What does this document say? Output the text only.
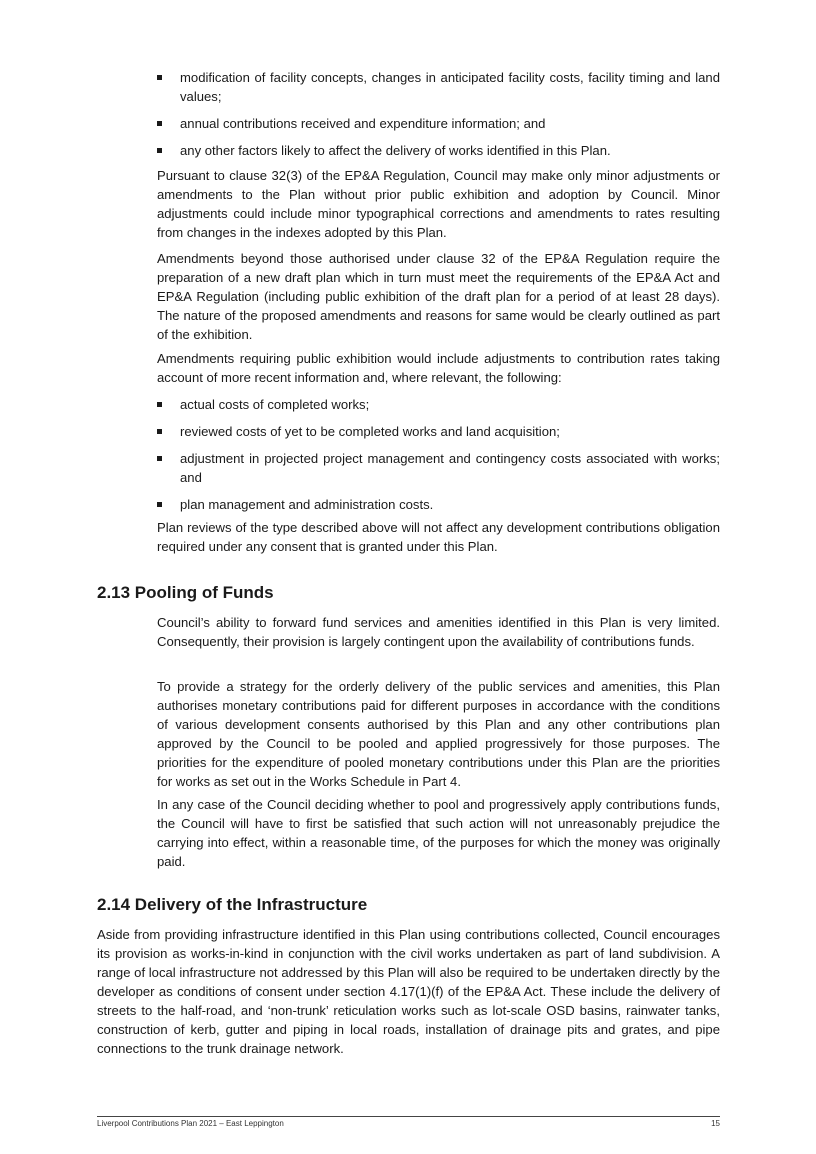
modification of facility concepts, changes in anticipated facility costs, facility timing and land values;
annual contributions received and expenditure information; and
any other factors likely to affect the delivery of works identified in this Plan.

Pursuant to clause 32(3) of the EP&A Regulation, Council may make only minor adjustments or amendments to the Plan without prior public exhibition and adoption by Council. Minor adjustments could include minor typographical corrections and amendments to rates resulting from changes in the indexes adopted by this Plan.

Amendments beyond those authorised under clause 32 of the EP&A Regulation require the preparation of a new draft plan which in turn must meet the requirements of the EP&A Act and EP&A Regulation (including public exhibition of the draft plan for a period of at least 28 days). The nature of the proposed amendments and reasons for same would be clearly outlined as part of the exhibition.

Amendments requiring public exhibition would include adjustments to contribution rates taking account of more recent information and, where relevant, the following:

actual costs of completed works;
reviewed costs of yet to be completed works and land acquisition;
adjustment in projected project management and contingency costs associated with works; and
plan management and administration costs.

Plan reviews of the type described above will not affect any development contributions obligation required under any consent that is granted under this Plan.

2.13 Pooling of Funds

Council’s ability to forward fund services and amenities identified in this Plan is very limited. Consequently, their provision is largely contingent upon the availability of contributions funds.

To provide a strategy for the orderly delivery of the public services and amenities, this Plan authorises monetary contributions paid for different purposes in accordance with the conditions of various development consents authorised by this Plan and any other contributions plan approved by the Council to be pooled and applied progressively for those purposes. The priorities for the expenditure of pooled monetary contributions under this Plan are the priorities for works as set out in the Works Schedule in Part 4.

In any case of the Council deciding whether to pool and progressively apply contributions funds, the Council will have to first be satisfied that such action will not unreasonably prejudice the carrying into effect, within a reasonable time, of the purposes for which the money was originally paid.

2.14 Delivery of the Infrastructure

Aside from providing infrastructure identified in this Plan using contributions collected, Council encourages its provision as works-in-kind in conjunction with the civil works undertaken as part of land subdivision. A range of local infrastructure not addressed by this Plan will also be required to be undertaken directly by the developer as conditions of consent under section 4.17(1)(f) of the EP&A Act. These include the delivery of streets to the half-road, and ‘non-trunk’ reticulation works such as lot-scale OSD basins, rainwater tanks, construction of kerb, gutter and piping in local roads, installation of drainage pits and grates, and pipe connections to the trunk drainage network.

Liverpool Contributions Plan 2021 – East Leppington	15
